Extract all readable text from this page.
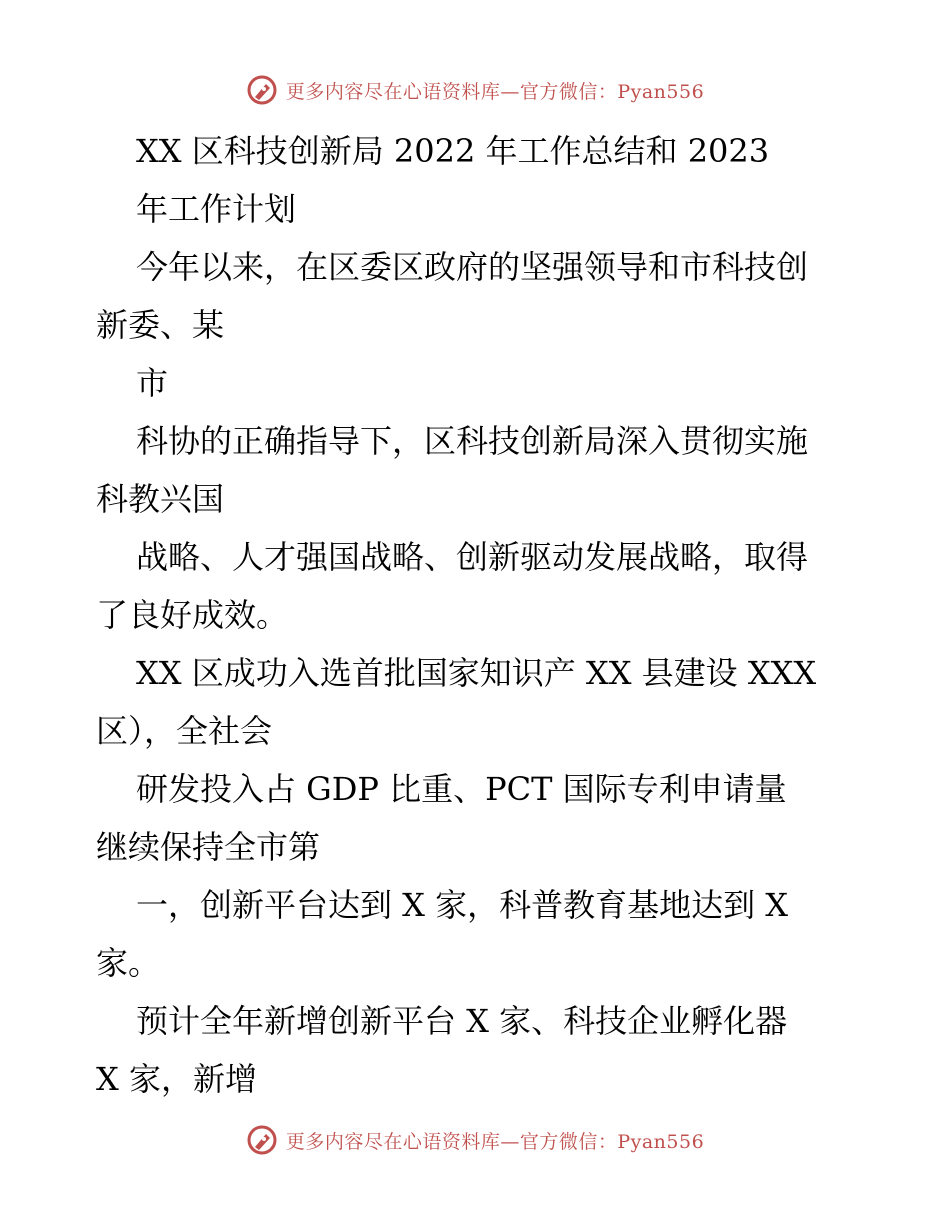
更多内容尽在心语资料库—官方微信：Pyan556
XX 区科技创新局 2022 年工作总结和 2023
年工作计划
今年以来，在区委区政府的坚强领导和市科技创
新委、某
市
科协的正确指导下，区科技创新局深入贯彻实施
科教兴国
战略、人才强国战略、创新驱动发展战略，取得
了良好成效。
XX 区成功入选首批国家知识产 XX 县建设 XXX
区），全社会
研发投入占 GDP 比重、PCT 国际专利申请量
继续保持全市第
一，创新平台达到 X 家，科普教育基地达到 X
家。
预计全年新增创新平台 X 家、科技企业孵化器
X 家，新增
更多内容尽在心语资料库—官方微信：Pyan556
